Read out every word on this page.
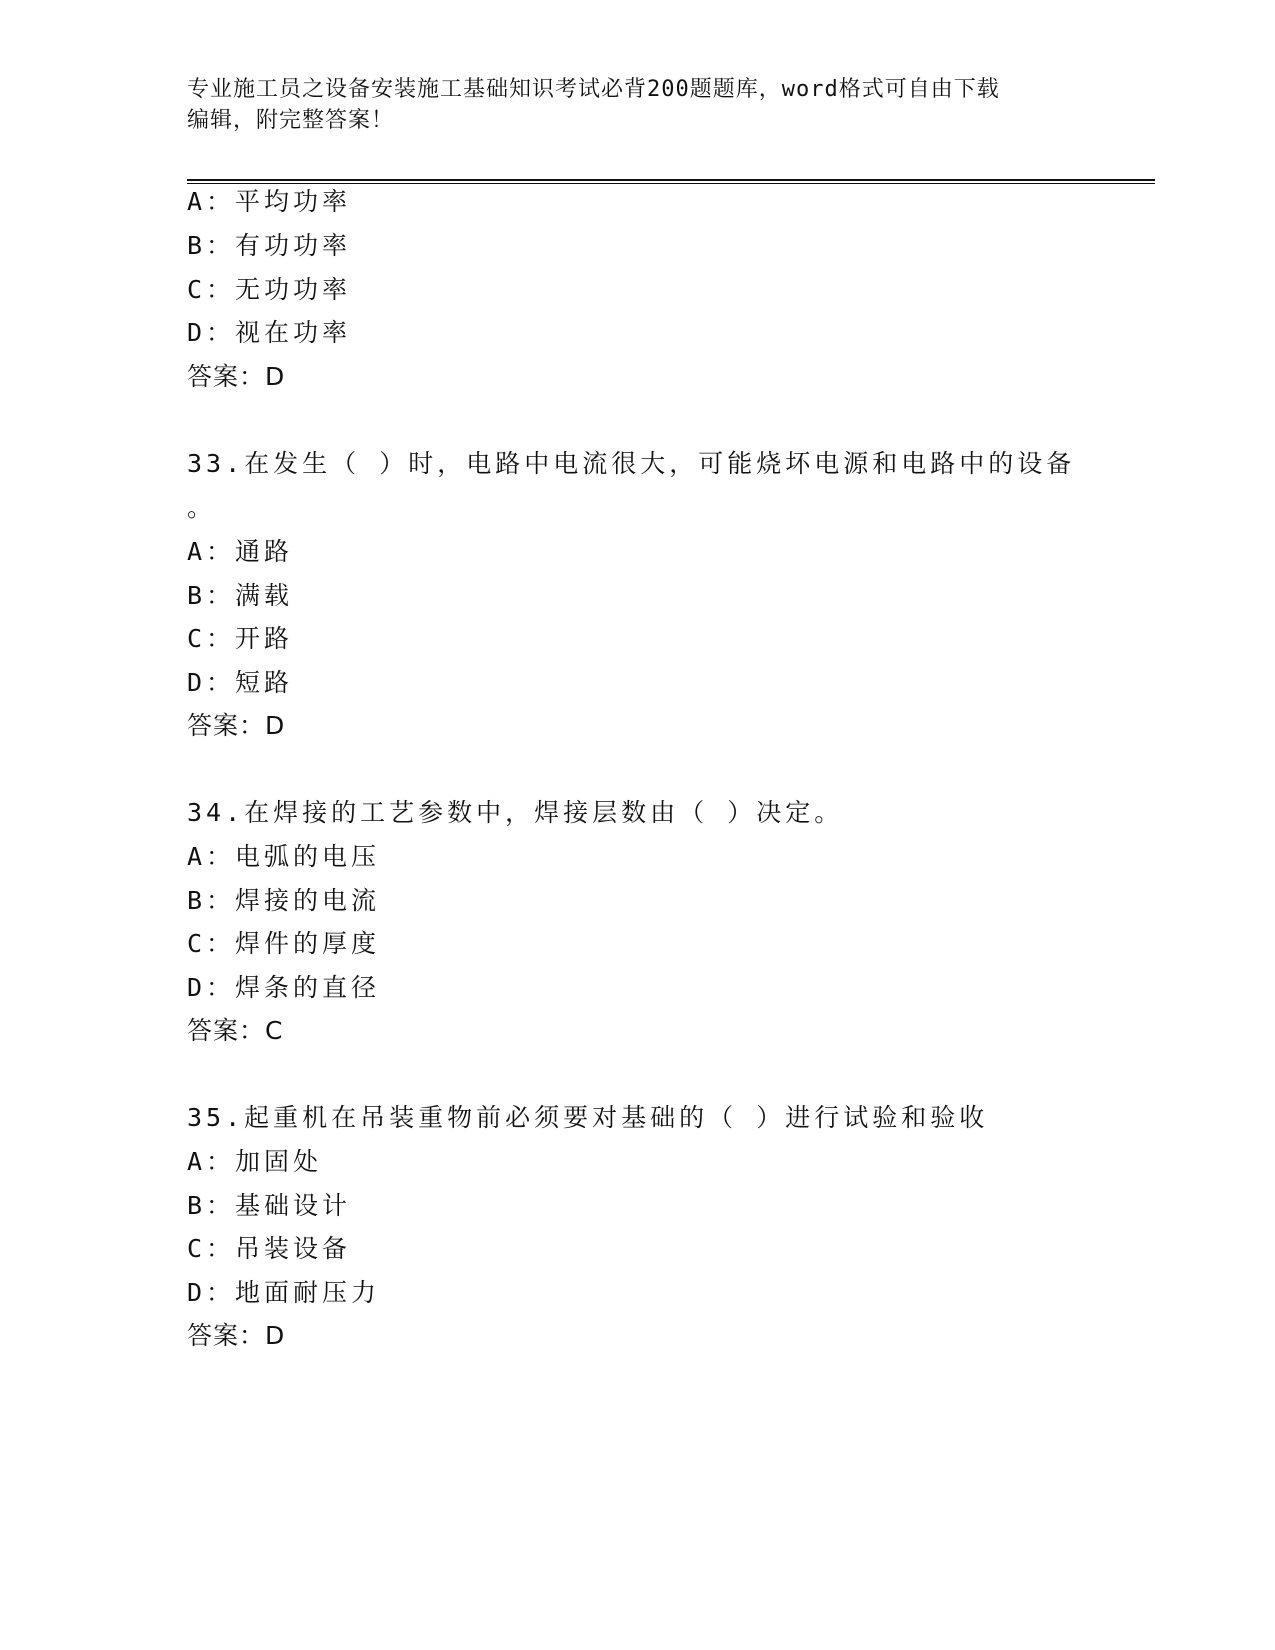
专业施工员之设备安装施工基础知识考试必背200题题库，word格式可自由下载
编辑，附完整答案！
A：平均功率
B：有功功率
C：无功功率
D：视在功率
答案：D
33.在发生（ ）时，电路中电流很大，可能烧坏电源和电路中的设备
。
A：通路
B：满载
C：开路
D：短路
答案：D
34.在焊接的工艺参数中，焊接层数由（ ）决定。
A：电弧的电压
B：焊接的电流
C：焊件的厚度
D：焊条的直径
答案：C
35.起重机在吊装重物前必须要对基础的（ ）进行试验和验收
A：加固处
B：基础设计
C：吊装设备
D：地面耐压力
答案：D
